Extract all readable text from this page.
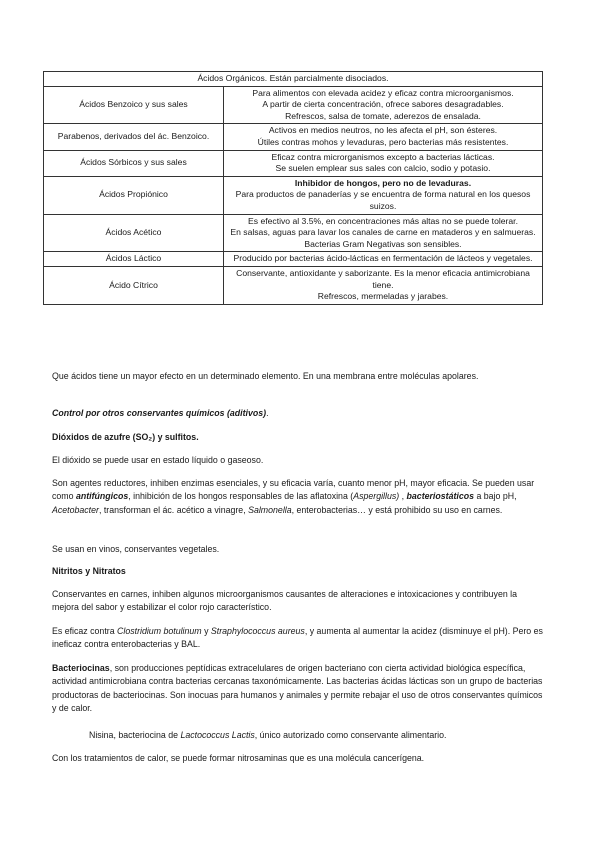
Ácidos Orgánicos. Están parcialmente disociados.	
Ácidos Benzoico y sus sales	Para alimentos con elevada acidez y eficaz contra microorganismos.
A partir de cierta concentración, ofrece sabores desagradables.
Refrescos, salsa de tomate, aderezos de ensalada.

Parabenos, derivados del ác. Benzoico.	Activos en medios neutros, no les afecta el pH, son ésteres.
Útiles contras mohos y levaduras, pero bacterias más resistentes.

Ácidos Sórbicos y sus sales	Eficaz contra microrganismos excepto a bacterias lácticas.
Se suelen emplear sus sales con calcio, sodio y potasio.

Ácidos Propiónico	Inhibidor de hongos, pero no de levaduras.
Para productos de panaderías y se encuentra de forma natural en los quesos suizos.

Ácidos Acético	Es efectivo al 3.5%, en concentraciones más altas no se puede tolerar.
En salsas, aguas para lavar los canales de carne en mataderos y en salmueras.
Bacterias Gram Negativas son sensibles.

Ácidos Láctico	Producido por bacterias ácido-lácticas en fermentación de lácteos y vegetales.

Ácido Cítrico	Conservante, antioxidante y saborizante. Es la menor eficacia antimicrobiana tiene.
Refrescos, mermeladas y jarabes.

Que ácidos tiene un mayor efecto en un determinado elemento. En una membrana entre moléculas apolares.

Control por otros conservantes químicos (aditivos).

Dióxidos de azufre (SO₂) y sulfitos.

El dióxido se puede usar en estado líquido o gaseoso.

Son agentes reductores, inhiben enzimas esenciales, y su eficacia varía, cuanto menor pH, mayor eficacia. Se pueden usar como antifúngicos, inhibición de los hongos responsables de las aflatoxina (Aspergillus) , bacteriostáticos a bajo pH, Acetobacter, transforman el ác. acético a vinagre, Salmonella, enterobacterias… y está prohibido su uso en carnes.

Se usan en vinos, conservantes vegetales.

Nitritos y Nitratos

Conservantes en carnes, inhiben algunos microorganismos causantes de alteraciones e intoxicaciones y contribuyen la mejora del sabor y estabilizar el color rojo característico.

Es eficaz contra Clostridium botulinum y Straphylococcus aureus, y aumenta al aumentar la acidez (disminuye el pH). Pero es ineficaz contra enterobacterias y BAL.

Bacteriocinas, son producciones peptídicas extracelulares de origen bacteriano con cierta actividad biológica específica, actividad antimicrobiana contra bacterias cercanas taxonómicamente. Las bacterias ácidas lácticas son un grupo de bacterias productoras de bacteriocinas. Son inocuas para humanos y animales y permite rebajar el uso de otros conservantes químicos y de calor.

Nisina, bacteriocina de Lactococcus Lactis, único autorizado como conservante alimentario.

Con los tratamientos de calor, se puede formar nitrosaminas que es una molécula cancerígena.
